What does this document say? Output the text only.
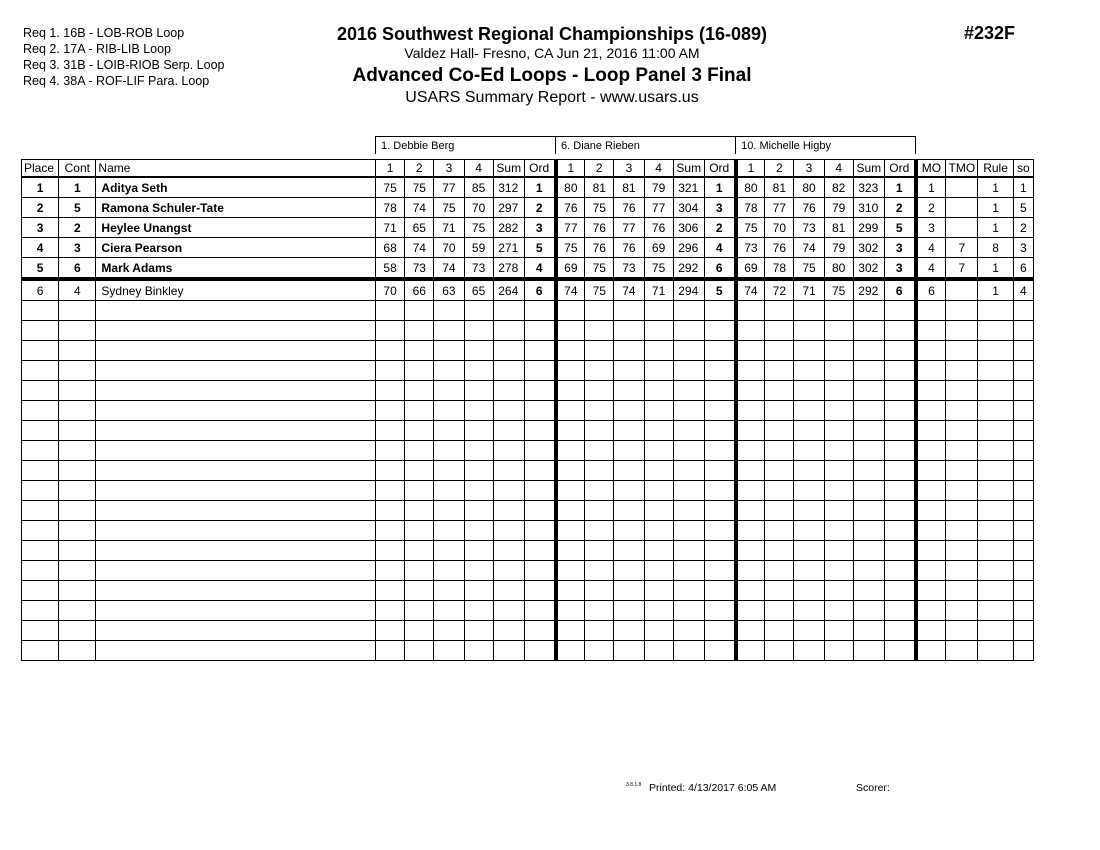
Req 1. 16B - LOB-ROB Loop
Req 2. 17A - RIB-LIB Loop
Req 3. 31B - LOIB-RIOB Serp. Loop
Req 4. 38A - ROF-LIF Para. Loop
2016 Southwest Regional Championships (16-089)
Valdez Hall- Fresno, CA Jun 21, 2016 11:00 AM
Advanced Co-Ed Loops - Loop Panel 3 Final
USARS Summary Report - www.usars.us
#232F
			1. Debbie Berg						6. Diane Rieben						10. Michelle Higby									

Place	Cont	Name	1	2	3	4	Sum	Ord	1	2	3	4	Sum	Ord	1	2	3	4	Sum	Ord	MO	TMO	Rule	so
1	1	Aditya Seth	75	75	77	85	312	1	80	81	81	79	321	1	80	81	80	82	323	1	1		1	1
2	5	Ramona Schuler-Tate	78	74	75	70	297	2	76	75	76	77	304	3	78	77	76	79	310	2	2		1	5
3	2	Heylee Unangst	71	65	71	75	282	3	77	76	77	76	306	2	75	70	73	81	299	5	3		1	2
4	3	Ciera Pearson	68	74	70	59	271	5	75	76	76	69	296	4	73	76	74	79	302	3	4	7	8	3
5	6	Mark Adams	58	73	74	73	278	4	69	75	73	75	292	6	69	78	75	80	302	3	4	7	1	6
6	4	Sydney Binkley	70	66	63	65	264	6	74	75	74	71	294	5	74	72	71	75	292	6	6		1	4

3.8.1.8 Printed: 4/13/2017 6:05 AM	Scorer:
